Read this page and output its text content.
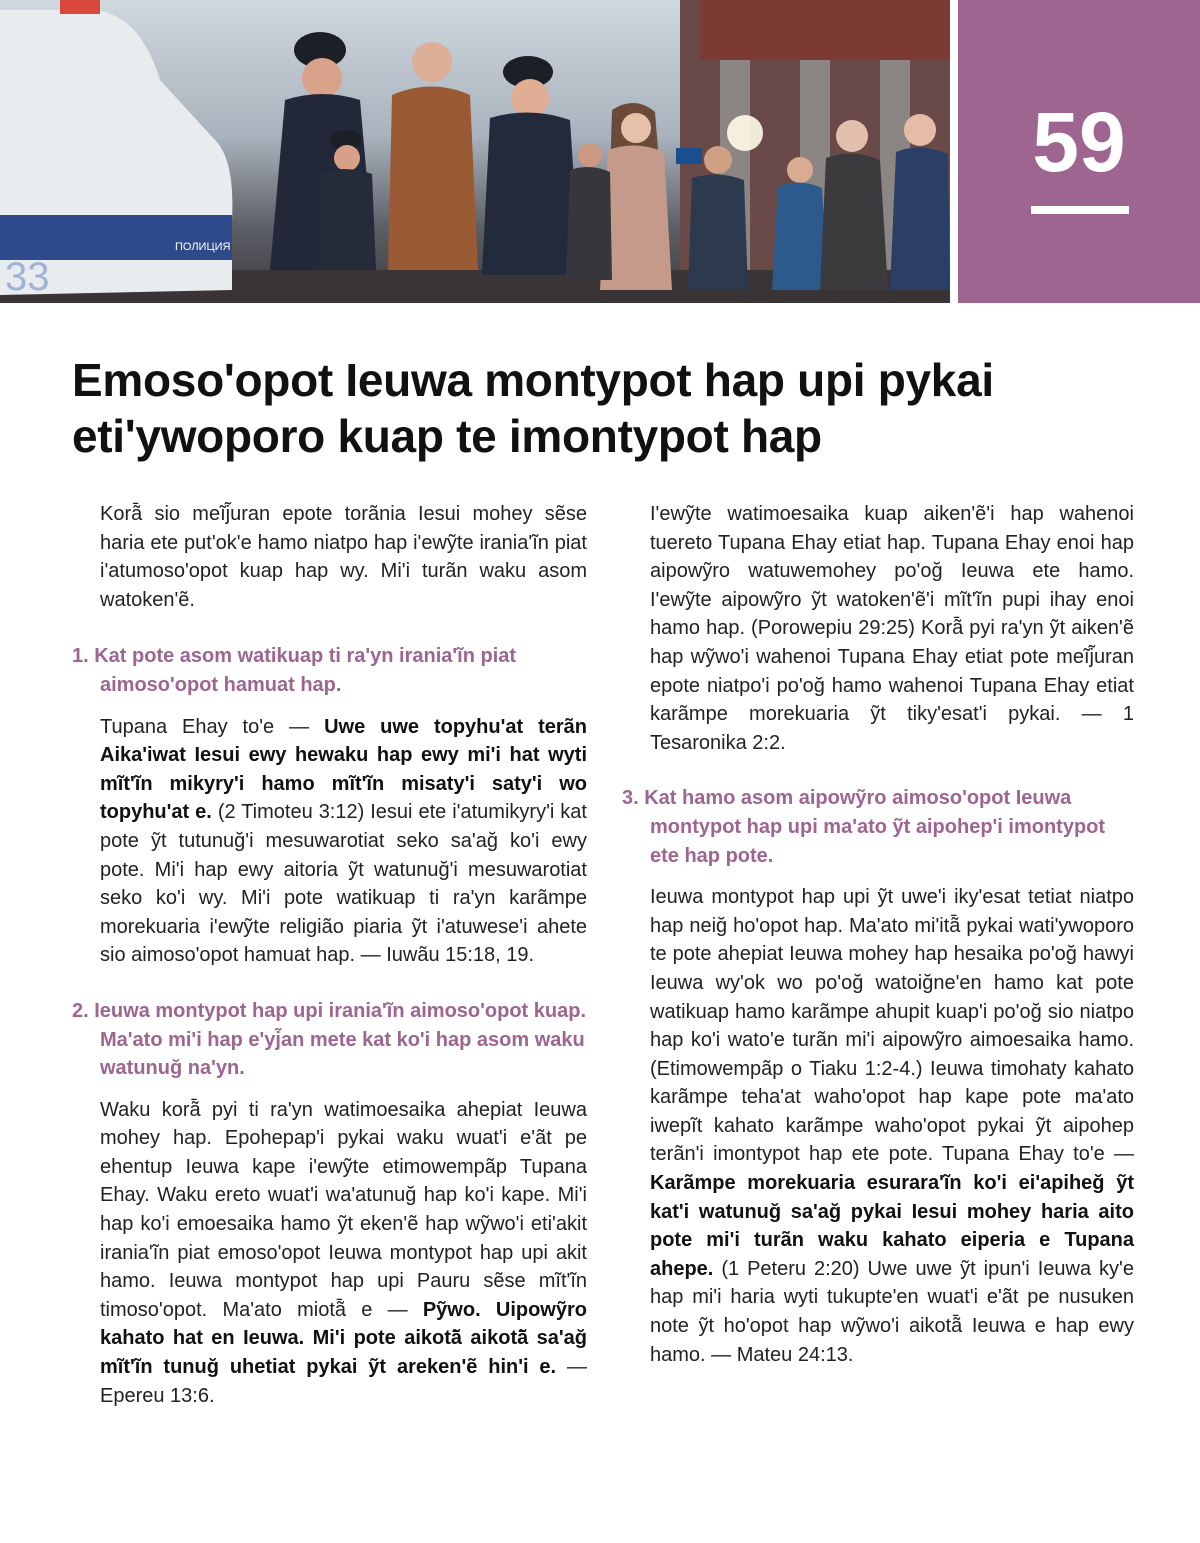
ПОЛИЦИЯ
33
59
Emoso'opot Ieuwa montypot hap upi pykai eti'ywoporo kuap te imontypot hap

Korã̄ sio meĩj̃uran epote torãnia Iesui mohey sẽse haria ete put'ok'e hamo niatpo hap i'ewỹte irania'ĩn piat i'atumoso'opot kuap hap wy. Mi'i turãn waku asom watoken'ẽ.

1. Kat pote asom watikuap ti ra'yn irania'ĩn piat aimoso'opot hamuat hap.

Tupana Ehay to'e — Uwe uwe topyhu'at terãn Aika'iwat Iesui ewy hewaku hap ewy mi'i hat wyti mĩt'ĩn mikyry'i hamo mĩt'ĩn misaty'i saty'i wo topyhu'at e. (2 Timoteu 3:12) Iesui ete i'atumikyry'i kat pote ỹt tutunuğ'i mesuwarotiat seko sa'ağ ko'i ewy pote. Mi'i hap ewy aitoria ỹt watunuğ'i mesuwarotiat seko ko'i wy. Mi'i pote watikuap ti ra'yn karãmpe morekuaria i'ewỹte religião piaria ỹt i'atuwese'i ahete sio aimoso'opot hamuat hap. — Iuwãu 15:18, 19.

2. Ieuwa montypot hap upi irania'ĩn aimoso'opot kuap. Ma'ato mi'i hap e'yj̃an mete kat ko'i hap asom waku watunuğ na'yn.

Waku korã̄ pyi ti ra'yn watimoesaika ahepiat Ieuwa mohey hap. Epohepap'i pykai waku wuat'i e'ãt pe ehentup Ieuwa kape i'ewỹte etimowempãp Tupana Ehay. Waku ereto wuat'i wa'atunuğ hap ko'i kape. Mi'i hap ko'i emoesaika hamo ỹt eken'ẽ hap wỹwo'i eti'akit irania'ĩn piat emoso'opot Ieuwa montypot hap upi akit hamo. Ieuwa montypot hap upi Pauru sẽse mĩt'ĩn timoso'opot. Ma'ato miotã̄ e — Pỹwo. Uipowỹro kahato hat en Ieuwa. Mi'i pote aikotã̄ aikotã̄ sa'ağ mĩt'ĩn tunuğ uhetiat pykai ỹt areken'ẽ hin'i e. — Epereu 13:6.

I'ewỹte watimoesaika kuap aiken'ẽ'i hap wahenoi tuereto Tupana Ehay etiat hap. Tupana Ehay enoi hap aipowỹro watuwemohey po'oğ Ieuwa ete hamo. I'ewỹte aipowỹro ỹt watoken'ẽ'i mĩt'ĩn pupi ihay enoi hamo hap. (Porowepiu 29:25) Korã̄ pyi ra'yn ỹt aiken'ẽ hap wỹwo'i wahenoi Tupana Ehay etiat pote meĩj̃uran epote niatpo'i po'oğ hamo wahenoi Tupana Ehay etiat karãmpe morekuaria ỹt tiky'esat'i pykai. — 1 Tesaronika 2:2.

3. Kat hamo asom aipowỹro aimoso'opot Ieuwa montypot hap upi ma'ato ỹt aipohep'i imontypot ete hap pote.

Ieuwa montypot hap upi ỹt uwe'i iky'esat tetiat niatpo hap neiğ ho'opot hap. Ma'ato mi'itã̄ pykai wati'ywoporo te pote ahepiat Ieuwa mohey hap hesaika po'oğ hawyi Ieuwa wy'ok wo po'oğ watoiğne'en hamo kat pote watikuap hamo karãmpe ahupit kuap'i po'oğ sio niatpo hap ko'i wato'e turãn mi'i aipowỹro aimoesaika hamo. (Etimowempãp o Tiaku 1:2-4.) Ieuwa timohaty kahato karãmpe teha'at waho'opot hap kape pote ma'ato iwepĩt kahato karãmpe waho'opot pykai ỹt aipohep terãn'i imontypot hap ete pote. Tupana Ehay to'e — Karãmpe morekuaria esurara'ĩn ko'i ei'apiheğ ỹt kat'i watunuğ sa'ağ pykai Iesui mohey haria aito pote mi'i turãn waku kahato eiperia e Tupana ahepe. (1 Peteru 2:20) Uwe uwe ỹt ipun'i Ieuwa ky'e hap mi'i haria wyti tukupte'en wuat'i e'ãt pe nusuken note ỹt ho'opot hap wỹwo'i aikotã̄ Ieuwa e hap ewy hamo. — Mateu 24:13.
